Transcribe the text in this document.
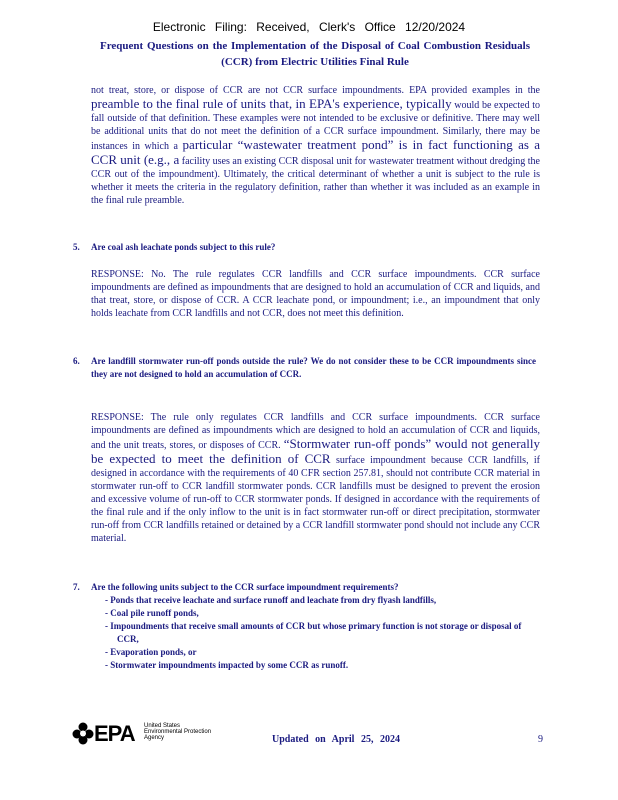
Electronic Filing: Received, Clerk's Office 12/20/2024
Frequent Questions on the Implementation of the Disposal of Coal Combustion Residuals (CCR) from Electric Utilities Final Rule
not treat, store, or dispose of CCR are not CCR surface impoundments. EPA provided examples in the preamble to the final rule of units that, in EPA's experience, typically would be expected to fall outside of that definition. These examples were not intended to be exclusive or definitive. There may well be additional units that do not meet the definition of a CCR surface impoundment. Similarly, there may be instances in which a particular “wastewater treatment pond” is in fact functioning as a CCR unit (e.g., a facility uses an existing CCR disposal unit for wastewater treatment without dredging the CCR out of the impoundment). Ultimately, the critical determinant of whether a unit is subject to the rule is whether it meets the criteria in the regulatory definition, rather than whether it was included as an example in the final rule preamble.
5. Are coal ash leachate ponds subject to this rule?
RESPONSE: No. The rule regulates CCR landfills and CCR surface impoundments. CCR surface impoundments are defined as impoundments that are designed to hold an accumulation of CCR and liquids, and that treat, store, or dispose of CCR. A CCR leachate pond, or impoundment; i.e., an impoundment that only holds leachate from CCR landfills and not CCR, does not meet this definition.
6. Are landfill stormwater run-off ponds outside the rule? We do not consider these to be CCR impoundments since they are not designed to hold an accumulation of CCR.
RESPONSE: The rule only regulates CCR landfills and CCR surface impoundments. CCR surface impoundments are defined as impoundments which are designed to hold an accumulation of CCR and liquids, and the unit treats, stores, or disposes of CCR. “Stormwater run-off ponds” would not generally be expected to meet the definition of CCR surface impoundment because CCR landfills, if designed in accordance with the requirements of 40 CFR section 257.81, should not contribute CCR material in stormwater run-off to CCR landfill stormwater ponds. CCR landfills must be designed to prevent the erosion and excessive volume of run-off to CCR stormwater ponds. If designed in accordance with the requirements of the final rule and if the only inflow to the unit is in fact stormwater run-off or direct precipitation, stormwater run-off from CCR landfills retained or detained by a CCR landfill stormwater pond should not include any CCR material.
7. Are the following units subject to the CCR surface impoundment requirements?
- Ponds that receive leachate and surface runoff and leachate from dry flyash landfills,
- Coal pile runoff ponds,
- Impoundments that receive small amounts of CCR but whose primary function is not storage or disposal of CCR,
- Evaporation ponds, or
- Stormwater impoundments impacted by some CCR as runoff.
EPA United States
Environmental Protection
Agency	Updated on April 25, 2024	9
